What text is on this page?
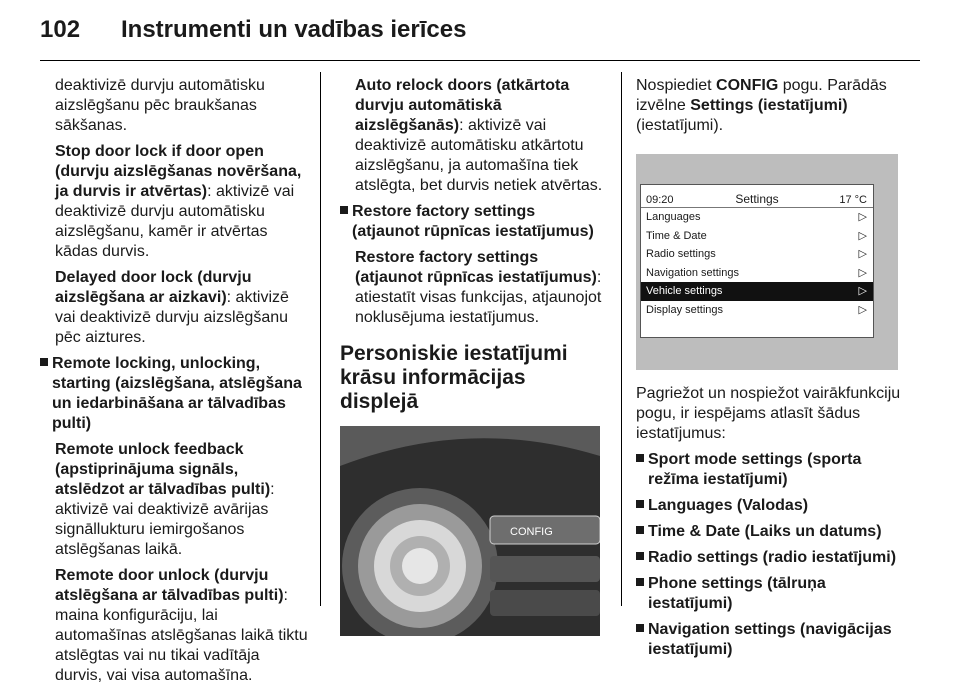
102 Instrumenti un vadības ierīces

deaktivizē durvju automātisku aizslēgšanu pēc braukšanas sākšanas.

Stop door lock if door open (durvju aizslēgšanas novēršana, ja durvis ir atvērtas): aktivizē vai deaktivizē durvju automātisku aizslēgšanu, kamēr ir atvērtas kādas durvis.

Delayed door lock (durvju aizslēgšana ar aizkavi): aktivizē vai deaktivizē durvju aizslēgšanu pēc aiztures.

Remote locking, unlocking, starting (aizslēgšana, atslēgšana un iedarbināšana ar tālvadības pulti)

Remote unlock feedback (apstiprinājuma signāls, atslēdzot ar tālvadības pulti): aktivizē vai deaktivizē avārijas signāllukturu iemirgošanos atslēgšanas laikā.

Remote door unlock (durvju atslēgšana ar tālvadības pulti): maina konfigurāciju, lai automašīnas atslēgšanas laikā tiktu atslēgtas vai nu tikai vadītāja durvis, vai visa automašīna.

Auto relock doors (atkārtota durvju automātiskā aizslēgšanās): aktivizē vai deaktivizē automātisku atkārtotu aizslēgšanu, ja automašīna tiek atslēgta, bet durvis netiek atvērtas.

Restore factory settings (atjaunot rūpnīcas iestatījumus)

Restore factory settings (atjaunot rūpnīcas iestatījumus): atiestatīt visas funkcijas, atjaunojot noklusējuma iestatījumus.

Personiskie iestatījumi krāsu informācijas displejā
CONFIG

Nospiediet CONFIG pogu. Parādās izvēlne Settings (iestatījumi) (iestatījumi).

09:20	Settings	17 °C
Languages	▷
Time & Date	▷
Radio settings	▷
Navigation settings	▷
Vehicle settings	▷
Display settings	▷

Pagriežot un nospiežot vairākfunkciju pogu, ir iespējams atlasīt šādus iestatījumus:

Sport mode settings (sporta režīma iestatījumi)
Languages (Valodas)
Time & Date (Laiks un datums)
Radio settings (radio iestatījumi)
Phone settings (tālruņa iestatījumi)
Navigation settings (navigācijas iestatījumi)
